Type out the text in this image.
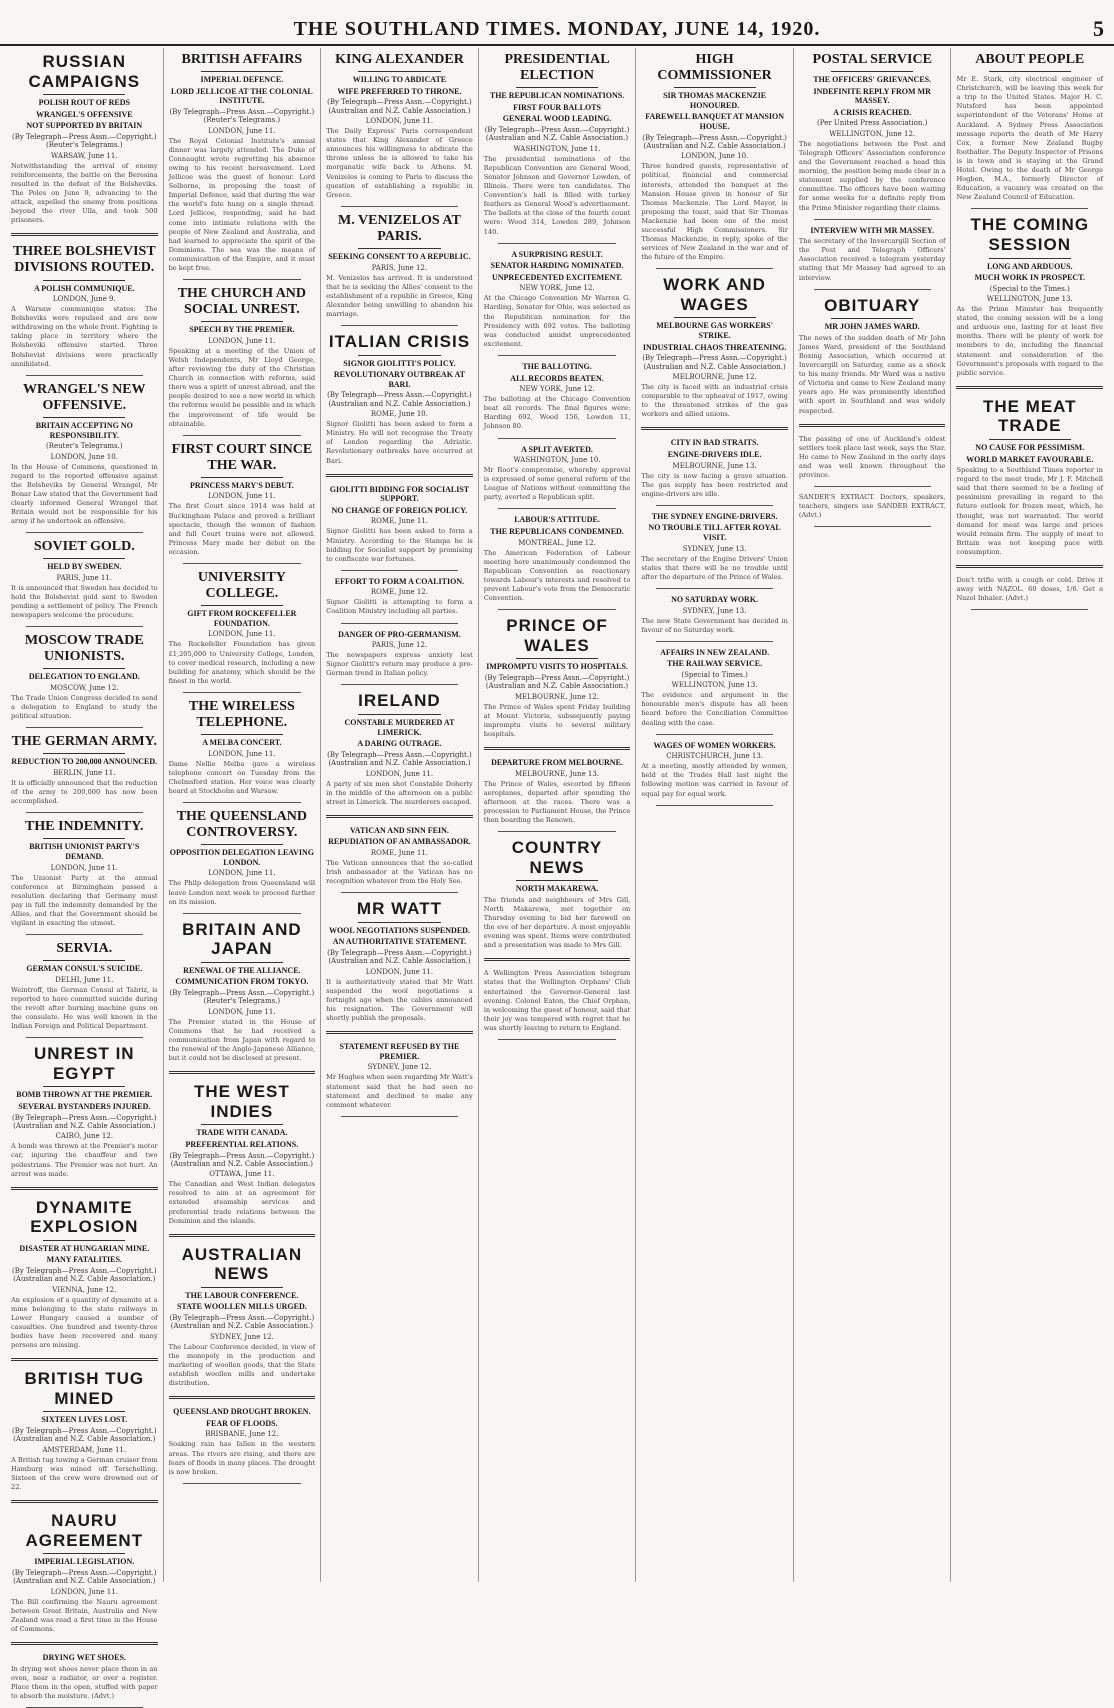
THE SOUTHLAND TIMES. MONDAY, JUNE 14, 1920.	5
RUSSIAN CAMPAIGNS
POLISH ROUT OF REDS
WRANGEL'S OFFENSIVE
NOT SUPPORTED BY BRITAIN
(By Telegraph—Press Assn.—Copyright.) (Reuter's Telegrams.)
WARSAW, June 11.
Notwithstanding the arrival of enemy reinforcements, the battle on the Beresina resulted in the defeat of the Bolsheviks. The Poles on June 9, advancing to the attack, expelled the enemy from positions beyond the river Ulla, and took 500 prisoners.
THREE BOLSHEVIST DIVISIONS ROUTED.
A POLISH COMMUNIQUE.
LONDON, June 9.
A Warsaw communique states: The Bolsheviks were repulsed and are now withdrawing on the whole front. Fighting is taking place in territory where the Bolsheviki offensive started. Three Bolshevist divisions were practically annihilated.
WRANGEL'S NEW OFFENSIVE.
BRITAIN ACCEPTING NO RESPONSIBILITY.
(Reuter's Telegrams.)
LONDON, June 10.
In the House of Commons, questioned in regard to the reported offensive against the Bolsheviks by General Wrangel, Mr Bonar Law stated that the Government had clearly informed General Wrangel that Britain would not be responsible for his army if he undertook an offensive.
SOVIET GOLD.
HELD BY SWEDEN.
PARIS, June 11.
It is announced that Sweden has decided to hold the Bolshevist gold sent to Sweden pending a settlement of policy. The French newspapers welcome the procedure.
MOSCOW TRADE UNIONISTS.
DELEGATION TO ENGLAND.
MOSCOW, June 12.
The Trade Union Congress decided to send a delegation to England to study the political situation.
THE GERMAN ARMY.
REDUCTION TO 200,000 ANNOUNCED.
BERLIN, June 11.
It is officially announced that the reduction of the army to 200,000 has now been accomplished.
THE INDEMNITY.
BRITISH UNIONIST PARTY'S DEMAND.
LONDON, June 11.
The Unionist Party at the annual conference at Birmingham passed a resolution declaring that Germany must pay in full the indemnity demanded by the Allies, and that the Government should be vigilant in exacting the utmost.
SERVIA.
GERMAN CONSUL'S SUICIDE.
DELHI, June 11.
Weintroff, the German Consul at Tabriz, is reported to have committed suicide during the revolt after burning machine guns on the consulate. He was well known in the Indian Foreign and Political Department.
UNREST IN EGYPT
BOMB THROWN AT THE PREMIER.
SEVERAL BYSTANDERS INJURED.
(By Telegraph—Press Assn.—Copyright.) (Australian and N.Z. Cable Association.)
CAIRO, June 12.
A bomb was thrown at the Premier's motor car, injuring the chauffeur and two pedestrians. The Premier was not hurt. An arrest was made.
DYNAMITE EXPLOSION
DISASTER AT HUNGARIAN MINE.
MANY FATALITIES.
(By Telegraph—Press Assn.—Copyright.) (Australian and N.Z. Cable Association.)
VIENNA, June 12.
An explosion of a quantity of dynamite at a mine belonging to the state railways in Lower Hungary caused a number of casualties. One hundred and twenty-three bodies have been recovered and many persons are missing.
BRITISH TUG MINED
SIXTEEN LIVES LOST.
(By Telegraph—Press Assn.—Copyright.) (Australian and N.Z. Cable Association.)
AMSTERDAM, June 11.
A British tug towing a German cruiser from Hamburg was mined off Terschelling. Sixteen of the crew were drowned out of 22.
NAURU AGREEMENT
IMPERIAL LEGISLATION.
(By Telegraph—Press Assn.—Copyright.) (Australian and N.Z. Cable Association.)
LONDON, June 11.
The Bill confirming the Nauru agreement between Great Britain, Australia and New Zealand was read a first time in the House of Commons.
DRYING WET SHOES.
In drying wet shoes never place them in an oven, near a radiator, or over a register. Place them in the open, stuffed with paper to absorb the moisture. (Advt.)
BRITISH AFFAIRS
IMPERIAL DEFENCE.
LORD JELLICOE AT THE COLONIAL INSTITUTE.
(By Telegraph—Press Assn.—Copyright.) (Reuter's Telegrams.)
LONDON, June 11.
The Royal Colonial Institute's annual dinner was largely attended. The Duke of Connaught wrote regretting his absence owing to his recent bereavement. Lord Jellicoe was the guest of honour. Lord Selborne, in proposing the toast of Imperial Defence, said that during the war the world's fate hung on a single thread. Lord Jellicoe, responding, said he had come into intimate relations with the people of New Zealand and Australia, and had learned to appreciate the spirit of the Dominions. The sea was the means of communication of the Empire, and it must be kept free.
THE CHURCH AND SOCIAL UNREST.
SPEECH BY THE PREMIER.
LONDON, June 11.
Speaking at a meeting of the Union of Welsh Independents, Mr Lloyd George, after reviewing the duty of the Christian Church in connection with reforms, said there was a spirit of unrest abroad, and the people desired to see a new world in which the reforms would be possible and in which the improvement of life would be obtainable.
FIRST COURT SINCE THE WAR.
PRINCESS MARY'S DEBUT.
LONDON, June 11.
The first Court since 1914 was held at Buckingham Palace and proved a brilliant spectacle, though the women of fashion and full Court trains were not allowed. Princess Mary made her debut on the occasion.
UNIVERSITY COLLEGE.
GIFT FROM ROCKEFELLER FOUNDATION.
LONDON, June 11.
The Rockefeller Foundation has given £1,205,000 to University College, London, to cover medical research, including a new building for anatomy, which should be the finest in the world.
THE WIRELESS TELEPHONE.
A MELBA CONCERT.
LONDON, June 11.
Dame Nellie Melba gave a wireless telephone concert on Tuesday from the Chelmsford station. Her voice was clearly heard at Stockholm and Warsaw.
THE QUEENSLAND CONTROVERSY.
OPPOSITION DELEGATION LEAVING LONDON.
LONDON, June 11.
The Philp delegation from Queensland will leave London next week to proceed further on its mission.
BRITAIN AND JAPAN
RENEWAL OF THE ALLIANCE.
COMMUNICATION FROM TOKYO.
(By Telegraph—Press Assn.—Copyright.) (Reuter's Telegrams.)
LONDON, June 11.
The Premier stated in the House of Commons that he had received a communication from Japan with regard to the renewal of the Anglo-Japanese Alliance, but it could not be disclosed at present.
THE WEST INDIES
TRADE WITH CANADA.
PREFERENTIAL RELATIONS.
(By Telegraph—Press Assn.—Copyright.) (Australian and N.Z. Cable Association.)
OTTAWA, June 11.
The Canadian and West Indian delegates resolved to aim at an agreement for extended steamship services and preferential trade relations between the Dominion and the islands.
AUSTRALIAN NEWS
THE LABOUR CONFERENCE.
STATE WOOLLEN MILLS URGED.
(By Telegraph—Press Assn.—Copyright.) (Australian and N.Z. Cable Association.)
SYDNEY, June 12.
The Labour Conference decided, in view of the monopoly in the production and marketing of woollen goods, that the State establish woollen mills and undertake distribution.
QUEENSLAND DROUGHT BROKEN.
FEAR OF FLOODS.
BRISBANE, June 12.
Soaking rain has fallen in the western areas. The rivers are rising, and there are fears of floods in many places. The drought is now broken.
KING ALEXANDER
WILLING TO ABDICATE
WIFE PREFERRED TO THRONE.
(By Telegraph—Press Assn.—Copyright.) (Australian and N.Z. Cable Association.)
LONDON, June 11.
The Daily Express' Paris correspondent states that King Alexander of Greece announces his willingness to abdicate the throne unless he is allowed to take his morganatic wife back to Athens. M. Venizelos is coming to Paris to discuss the question of establishing a republic in Greece.
M. VENIZELOS AT PARIS.
SEEKING CONSENT TO A REPUBLIC.
PARIS, June 12.
M. Venizelos has arrived. It is understood that he is seeking the Allies' consent to the establishment of a republic in Greece, King Alexander being unwilling to abandon his marriage.
ITALIAN CRISIS
SIGNOR GIOLITTI'S POLICY.
REVOLUTIONARY OUTBREAK AT BARI.
(By Telegraph—Press Assn.—Copyright.) (Australian and N.Z. Cable Association.)
ROME, June 10.
Signor Giolitti has been asked to form a Ministry. He will not recognise the Treaty of London regarding the Adriatic. Revolutionary outbreaks have occurred at Bari.
GIOLITTI BIDDING FOR SOCIALIST SUPPORT.
NO CHANGE OF FOREIGN POLICY.
ROME, June 11.
Signor Giolitti has been asked to form a Ministry. According to the Stampa he is bidding for Socialist support by promising to confiscate war fortunes.
EFFORT TO FORM A COALITION.
ROME, June 12.
Signor Giolitti is attempting to form a Coalition Ministry including all parties.
DANGER OF PRO-GERMANISM.
PARIS, June 12.
The newspapers express anxiety lest Signor Giolitti's return may produce a pro-German trend in Italian policy.
IRELAND
CONSTABLE MURDERED AT LIMERICK.
A DARING OUTRAGE.
(By Telegraph—Press Assn.—Copyright.) (Australian and N.Z. Cable Association.)
LONDON, June 11.
A party of six men shot Constable Doherty in the middle of the afternoon on a public street in Limerick. The murderers escaped.
VATICAN AND SINN FEIN.
REPUDIATION OF AN AMBASSADOR.
ROME, June 11.
The Vatican announces that the so-called Irish ambassador at the Vatican has no recognition whatever from the Holy See.
MR WATT
WOOL NEGOTIATIONS SUSPENDED.
AN AUTHORITATIVE STATEMENT.
(By Telegraph—Press Assn.—Copyright.) (Australian and N.Z. Cable Association.)
LONDON, June 11.
It is authoritatively stated that Mr Watt suspended the wool negotiations a fortnight ago when the cables announced his resignation. The Government will shortly publish the proposals.
STATEMENT REFUSED BY THE PREMIER.
SYDNEY, June 12.
Mr Hughes when seen regarding Mr Watt's statement said that he had seen no statement and declined to make any comment whatever.
PRESIDENTIAL ELECTION
THE REPUBLICAN NOMINATIONS.
FIRST FOUR BALLOTS
GENERAL WOOD LEADING.
(By Telegraph—Press Assn.—Copyright.) (Australian and N.Z. Cable Association.)
WASHINGTON, June 11.
The presidential nominations of the Republican Convention are General Wood, Senator Johnson and Governor Lowden, of Illinois. There were ten candidates. The Convention's hall is filled with turkey feathers as General Wood's advertisement. The ballots at the close of the fourth count were: Wood 314, Lowden 289, Johnson 140.
A SURPRISING RESULT.
SENATOR HARDING NOMINATED.
UNPRECEDENTED EXCITEMENT.
NEW YORK, June 12.
At the Chicago Convention Mr Warren G. Harding, Senator for Ohio, was selected as the Republican nomination for the Presidency with 692 votes. The balloting was conducted amidst unprecedented excitement.
THE BALLOTING.
ALL RECORDS BEATEN.
NEW YORK, June 12.
The balloting at the Chicago Convention beat all records. The final figures were: Harding 692, Wood 156, Lowden 11, Johnson 80.
A SPLIT AVERTED.
WASHINGTON, June 10.
Mr Root's compromise, whereby approval is expressed of some general reform of the League of Nations without committing the party, averted a Republican split.
LABOUR'S ATTITUDE.
THE REPUBLICANS CONDEMNED.
MONTREAL, June 12.
The American Federation of Labour meeting here unanimously condemned the Republican Convention as reactionary towards Labour's interests and resolved to prevent Labour's vote from the Democratic Convention.
PRINCE OF WALES
IMPROMPTU VISITS TO HOSPITALS.
(By Telegraph—Press Assn.—Copyright.) (Australian and N.Z. Cable Association.)
MELBOURNE, June 12.
The Prince of Wales spent Friday building at Mount Victoria, subsequently paying impromptu visits to several military hospitals.
DEPARTURE FROM MELBOURNE.
MELBOURNE, June 13.
The Prince of Wales, escorted by fifteen aeroplanes, departed after spending the afternoon at the races. There was a procession to Parliament House, the Prince then boarding the Renown.
COUNTRY NEWS
NORTH MAKAREWA.
The friends and neighbours of Mrs Gill, North Makarewa, met together on Thursday evening to bid her farewell on the eve of her departure. A most enjoyable evening was spent. Items were contributed and a presentation was made to Mrs Gill.
A Wellington Press Association telegram states that the Wellington Orphans' Club entertained the Governor-General last evening. Colonel Eaton, the Chief Orphan, in welcoming the guest of honour, said that their joy was tempered with regret that he was shortly leaving to return to England.
HIGH COMMISSIONER
SIR THOMAS MACKENZIE HONOURED.
FAREWELL BANQUET AT MANSION HOUSE.
(By Telegraph—Press Assn.—Copyright.) (Australian and N.Z. Cable Association.)
LONDON, June 10.
Three hundred guests, representative of political, financial and commercial interests, attended the banquet at the Mansion House given in honour of Sir Thomas Mackenzie. The Lord Mayor, in proposing the toast, said that Sir Thomas Mackenzie had been one of the most successful High Commissioners. Sir Thomas Mackenzie, in reply, spoke of the services of New Zealand in the war and of the future of the Empire.
WORK AND WAGES
MELBOURNE GAS WORKERS' STRIKE.
INDUSTRIAL CHAOS THREATENING.
(By Telegraph—Press Assn.—Copyright.) (Australian and N.Z. Cable Association.)
MELBOURNE, June 12.
The city is faced with an industrial crisis comparable to the upheaval of 1917, owing to the threatened strikes of the gas workers and allied unions.
CITY IN BAD STRAITS.
ENGINE-DRIVERS IDLE.
MELBOURNE, June 13.
The city is now facing a grave situation. The gas supply has been restricted and engine-drivers are idle.
THE SYDNEY ENGINE-DRIVERS.
NO TROUBLE TILL AFTER ROYAL VISIT.
SYDNEY, June 13.
The secretary of the Engine Drivers' Union states that there will be no trouble until after the departure of the Prince of Wales.
NO SATURDAY WORK.
SYDNEY, June 13.
The new State Government has decided in favour of no Saturday work.
AFFAIRS IN NEW ZEALAND.
THE RAILWAY SERVICE.
(Special to Times.)
WELLINGTON, June 13.
The evidence and argument in the honourable men's dispute has all been heard before the Conciliation Committee dealing with the case.
WAGES OF WOMEN WORKERS.
CHRISTCHURCH, June 13.
At a meeting, mostly attended by women, held at the Trades Hall last night the following motion was carried in favour of equal pay for equal work.
POSTAL SERVICE
THE OFFICERS' GRIEVANCES.
INDEFINITE REPLY FROM MR MASSEY.
A CRISIS REACHED.
(Per United Press Association.)
WELLINGTON, June 12.
The negotiations between the Post and Telegraph Officers' Association conference and the Government reached a head this morning, the position being made clear in a statement supplied by the conference committee. The officers have been waiting for some weeks for a definite reply from the Prime Minister regarding their claims.
INTERVIEW WITH MR MASSEY.
The secretary of the Invercargill Section of the Post and Telegraph Officers' Association received a telegram yesterday stating that Mr Massey had agreed to an interview.
OBITUARY
MR JOHN JAMES WARD.
The news of the sudden death of Mr John James Ward, president of the Southland Boxing Association, which occurred at Invercargill on Saturday, came as a shock to his many friends. Mr Ward was a native of Victoria and came to New Zealand many years ago. He was prominently identified with sport in Southland and was widely respected.
The passing of one of Auckland's oldest settlers took place last week, says the Star. He came to New Zealand in the early days and was well known throughout the province.
SANDER'S EXTRACT. Doctors, speakers, teachers, singers use SANDER EXTRACT. (Advt.)
ABOUT PEOPLE
Mr E. Stark, city electrical engineer of Christchurch, will be leaving this week for a trip to the United States. Major H. C. Nutsford has been appointed superintendent of the Veterans' Home at Auckland. A Sydney Press Association message reports the death of Mr Harry Cox, a former New Zealand Rugby footballer. The Deputy Inspector of Prisons is in town and is staying at the Grand Hotel. Owing to the death of Mr George Hogben, M.A., formerly Director of Education, a vacancy was created on the New Zealand Council of Education.
THE COMING SESSION
LONG AND ARDUOUS.
MUCH WORK IN PROSPECT.
(Special to the Times.)
WELLINGTON, June 13.
As the Prime Minister has frequently stated, the coming session will be a long and arduous one, lasting for at least five months. There will be plenty of work for members to do, including the financial statement and consideration of the Government's proposals with regard to the public service.
THE MEAT TRADE
NO CAUSE FOR PESSIMISM.
WORLD MARKET FAVOURABLE.
Speaking to a Southland Times reporter in regard to the meat trade, Mr J. F. Mitchell said that there seemed to be a feeling of pessimism prevailing in regard to the future outlook for frozen meat, which, he thought, was not warranted. The world demand for meat was large and prices would remain firm. The supply of meat to Britain was not keeping pace with consumption.
Don't trifle with a cough or cold. Drive it away with NAZOL. 60 doses, 1/6. Get a Nazol Inhaler. (Advt.)
